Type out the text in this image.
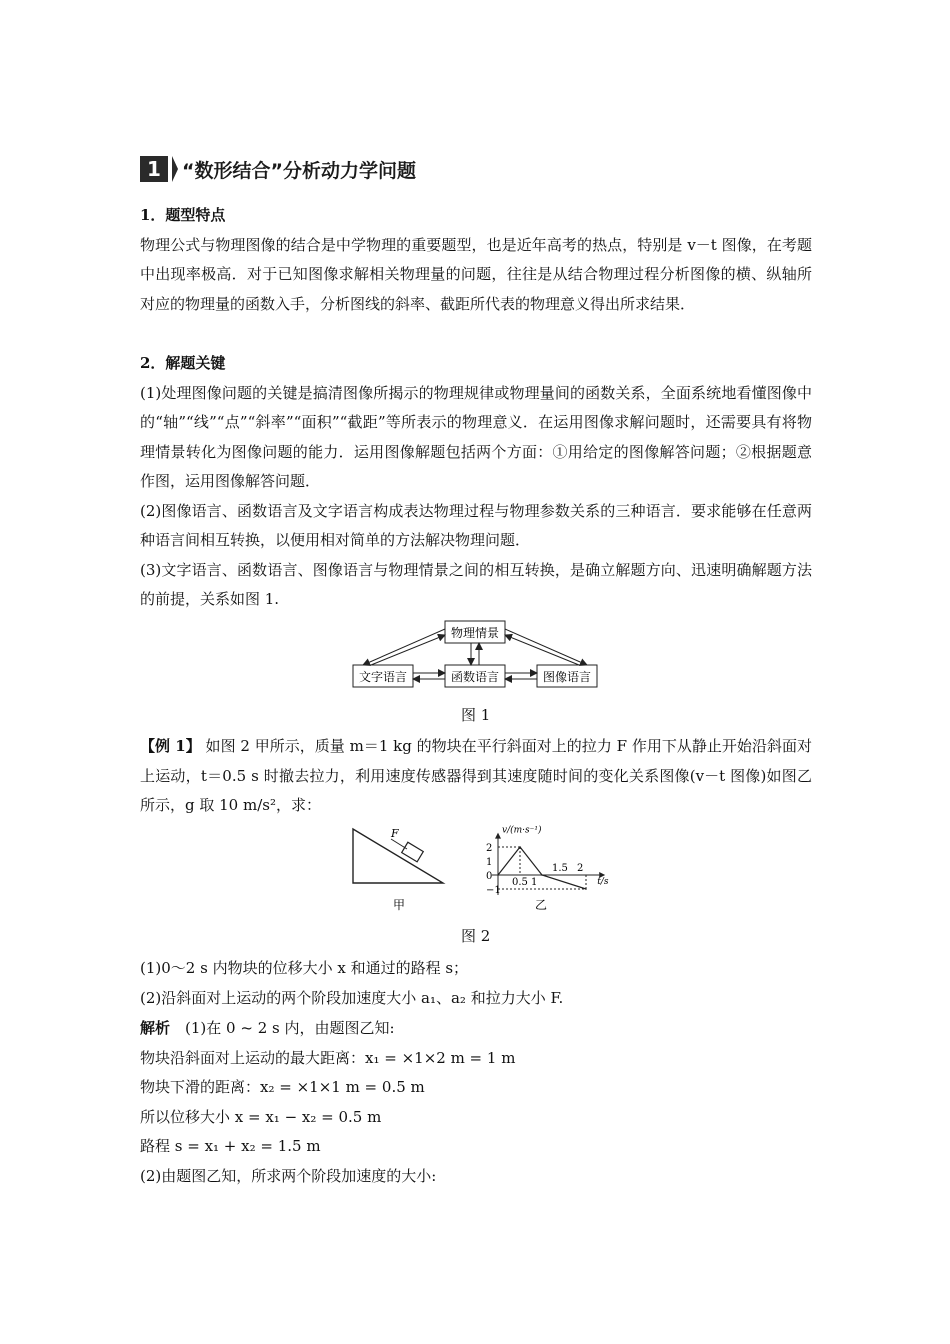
1	“数形结合”分析动力学问题
1．题型特点
物理公式与物理图像的结合是中学物理的重要题型，也是近年高考的热点，特别是 v－t 图像，在考题中出现率极高．对于已知图像求解相关物理量的问题，往往是从结合物理过程分析图像的横、纵轴所对应的物理量的函数入手，分析图线的斜率、截距所代表的物理意义得出所求结果．
2．解题关键
(1)处理图像问题的关键是搞清图像所揭示的物理规律或物理量间的函数关系，全面系统地看懂图像中的“轴”“线”“点”“斜率”“面积”“截距”等所表示的物理意义．在运用图像求解问题时，还需要具有将物理情景转化为图像问题的能力．运用图像解题包括两个方面：①用给定的图像解答问题；②根据题意作图，运用图像解答问题．
(2)图像语言、函数语言及文字语言构成表达物理过程与物理参数关系的三种语言．要求能够在任意两种语言间相互转换，以便用相对简单的方法解决物理问题．
(3)文字语言、函数语言、图像语言与物理情景之间的相互转换，是确立解题方向、迅速明确解题方法的前提，关系如图 1.
物理情景
文字语言	函数语言	图像语言
图 1
【例 1】 如图 2 甲所示，质量 m＝1 kg 的物块在平行斜面对上的拉力 F 作用下从静止开始沿斜面对上运动，t＝0.5 s 时撤去拉力，利用速度传感器得到其速度随时间的变化关系图像(v－t 图像)如图乙所示，g 取 10 m/s²，求：
F
甲
v/(m·s⁻¹)
t/s
2
1
0
−1
0.5 1
1.5 2
乙
图 2
(1)0～2 s 内物块的位移大小 x 和通过的路程 s；
(2)沿斜面对上运动的两个阶段加速度大小 a₁、a₂ 和拉力大小 F.
解析　 (1)在 0 ~ 2 s 内，由题图乙知:
物块沿斜面对上运动的最大距离：x₁ = ×1×2 m = 1 m
物块下滑的距离：x₂ = ×1×1 m = 0.5 m
所以位移大小 x = x₁ − x₂ = 0.5 m
路程 s = x₁ + x₂ = 1.5 m
(2)由题图乙知，所求两个阶段加速度的大小:
